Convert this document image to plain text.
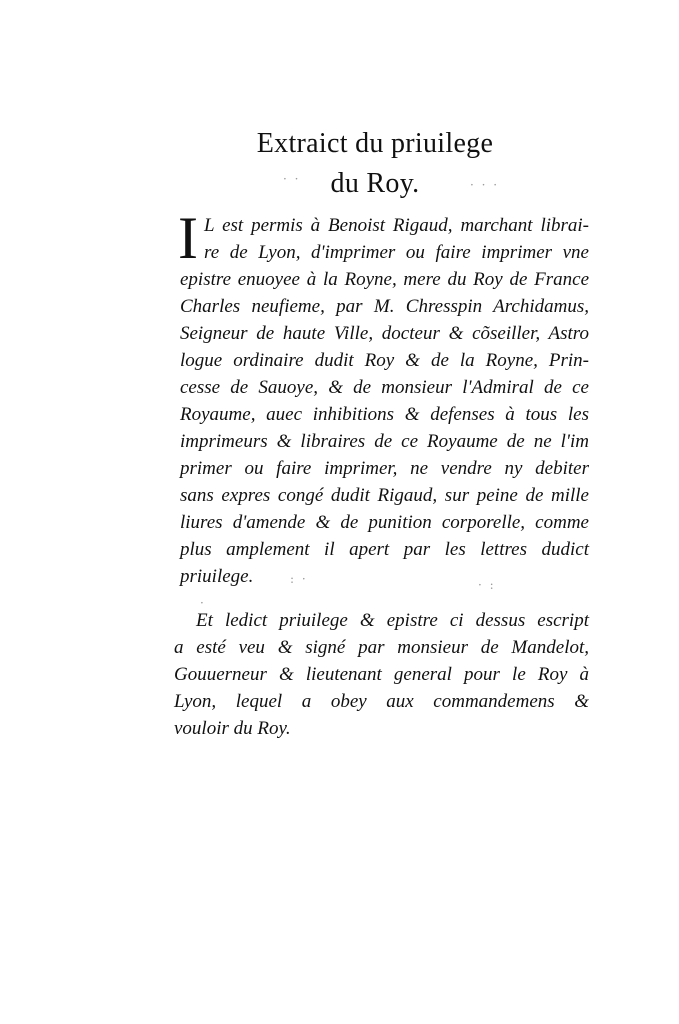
Extraict du priuilege
du Roy.
· ·	· · ·
I L est permis à Benoist Rigaud, marchant librai-
re de Lyon, d'imprimer ou faire imprimer vne
epistre enuoyee à la Royne, mere du Roy de France
Charles neufieme, par M. Chresspin Archidamus,
Seigneur de haute Ville, docteur & cõseiller, Astro
logue ordinaire dudit Roy & de la Royne, Prin-
cesse de Sauoye, & de monsieur l'Admiral de ce
Royaume, auec inhibitions & defenses à tous les
imprimeurs & libraires de ce Royaume de ne l'im
primer ou faire imprimer, ne vendre ny debiter
sans expres congé dudit Rigaud, sur peine de mille
liures d'amende & de punition corporelle, comme
plus amplement il apert par les lettres dudict
priuilege.	: ·	· :
·
Et ledict priuilege & epistre ci dessus escript
a esté veu & signé par monsieur de Mandelot,
Gouuerneur & lieutenant general pour le Roy à
Lyon, lequel a obey aux commandemens &
vouloir du Roy.
